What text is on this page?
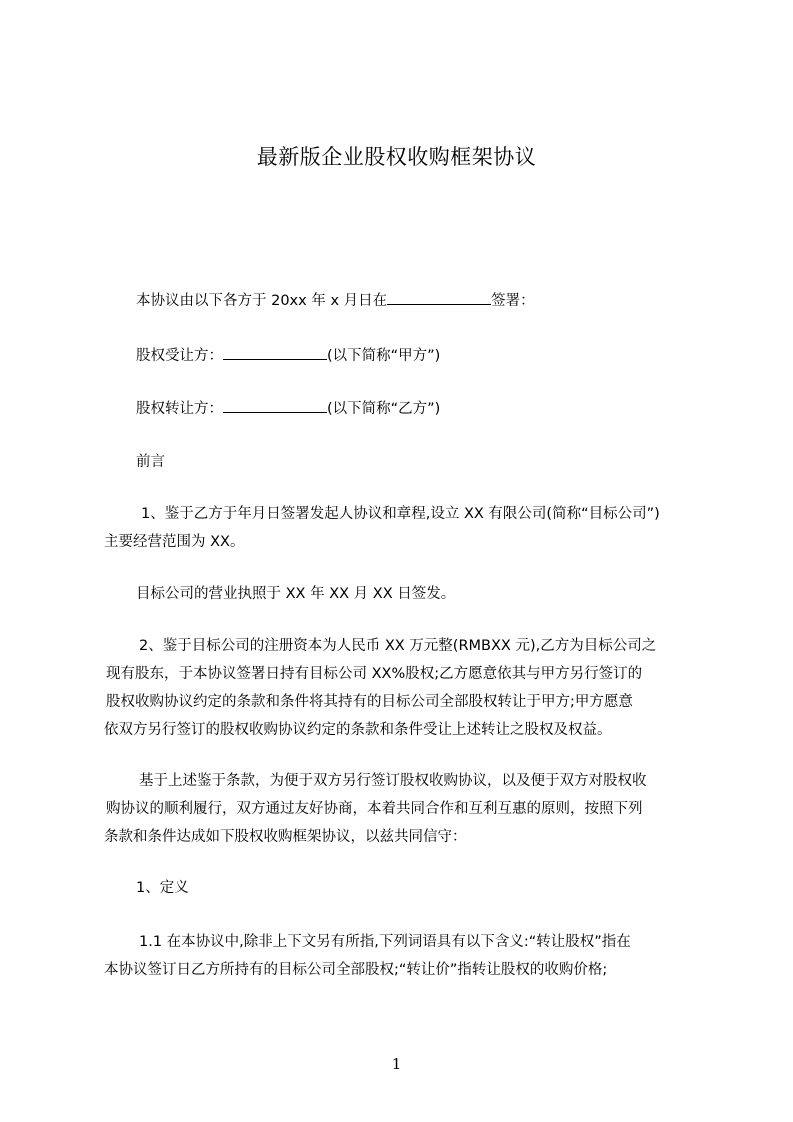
最新版企业股权收购框架协议
本协议由以下各方于 20xx 年 x 月日在	签署：
股权受让方：	(以下简称“甲方”)
股权转让方：	(以下简称“乙方”)
前言
1、鉴于乙方于年月日签署发起人协议和章程,设立 XX 有限公司(简称“目标公司”)
主要经营范围为 XX。
目标公司的营业执照于 XX 年 XX 月 XX 日签发。
2、鉴于目标公司的注册资本为人民币 XX 万元整(RMBXX 元),乙方为目标公司之
现有股东，于本协议签署日持有目标公司 XX%股权;乙方愿意依其与甲方另行签订的
股权收购协议约定的条款和条件将其持有的目标公司全部股权转让于甲方;甲方愿意
依双方另行签订的股权收购协议约定的条款和条件受让上述转让之股权及权益。
基于上述鉴于条款，为便于双方另行签订股权收购协议，以及便于双方对股权收
购协议的顺利履行，双方通过友好协商，本着共同合作和互利互惠的原则，按照下列
条款和条件达成如下股权收购框架协议，以兹共同信守：
1、定义
1.1 在本协议中,除非上下文另有所指,下列词语具有以下含义:“转让股权”指在
本协议签订日乙方所持有的目标公司全部股权;“转让价”指转让股权的收购价格;
1
